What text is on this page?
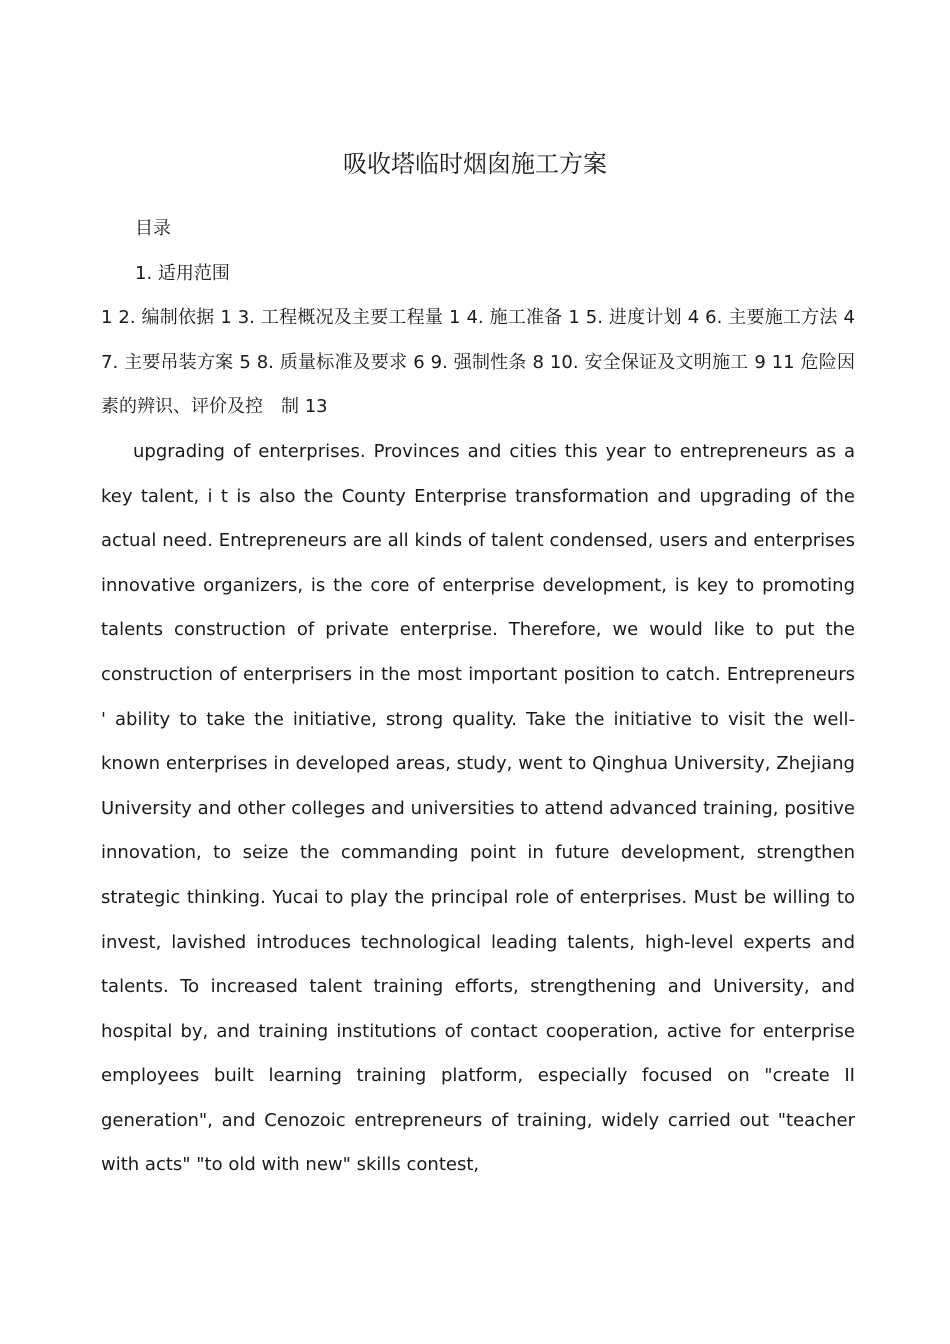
吸收塔临时烟囱施工方案

目录

1. 适用范围

1 2. 编制依据 1 3. 工程概况及主要工程量 1 4. 施工准备 1 5. 进度计划 4 6. 主要施工方法 4 7. 主要吊装方案 5 8. 质量标准及要求 6 9. 强制性条 8 10. 安全保证及文明施工 9 11 危险因素的辨识、评价及控　制 13

upgrading of enterprises. Provinces and cities this year to entrepreneurs as a key talent, i t is also the County Enterprise transformation and upgrading of the actual need. Entrepreneurs are all kinds of talent condensed, users and enterprises innovative organizers, is the core of enterprise development, is key to promoting talents construction of private enterprise. Therefore, we would like to put the construction of enterprisers in the most important position to catch. Entrepreneurs ' ability to take the initiative, strong quality. Take the initiative to visit the well-known enterprises in developed areas, study, went to Qinghua University, Zhejiang University and other colleges and universities to attend advanced training, positive innovation, to seize the commanding point in future development, strengthen strategic thinking. Yucai to play the principal role of enterprises. Must be willing to invest, lavished introduces technological leading talents, high-level experts and talents. To increased talent training efforts, strengthening and University, and hospital by, and training institutions of contact cooperation, active for enterprise employees built learning training platform, especially focused on "create II generation", and Cenozoic entrepreneurs of training, widely carried out "teacher with acts" "to old with new" skills contest,
